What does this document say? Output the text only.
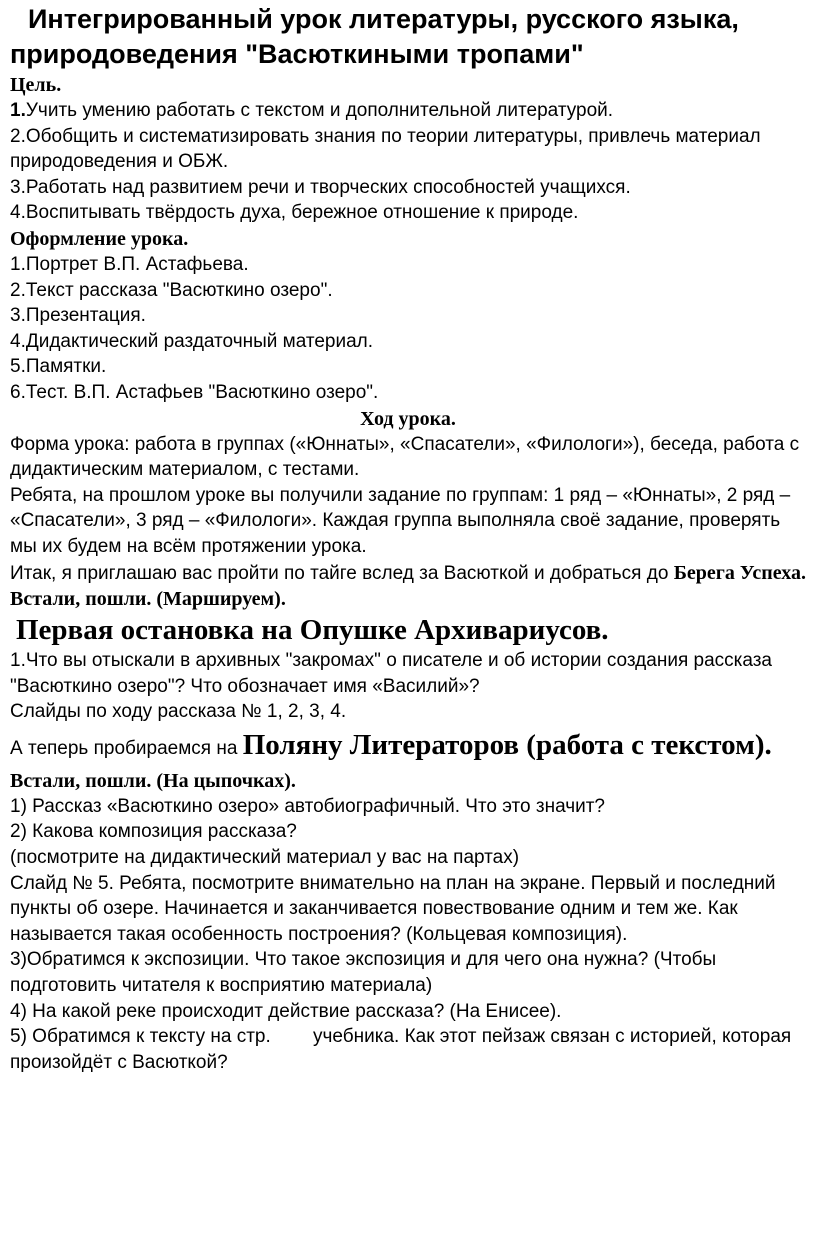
Интегрированный урок литературы, русского языка, природоведения "Васюткиными тропами"

Цель.

1.Учить умению работать с текстом и дополнительной литературой.

2.Обобщить и систематизировать знания по теории литературы, привлечь материал природоведения и ОБЖ.

3.Работать над развитием речи и творческих способностей учащихся.

4.Воспитывать твёрдость духа, бережное отношение к природе.

Оформление урока.

1.Портрет В.П. Астафьева.

2.Текст рассказа "Васюткино озеро".

3.Презентация.

4.Дидактический раздаточный материал.

5.Памятки.

6.Тест. В.П. Астафьев "Васюткино озеро".

Ход урока.

Форма урока: работа в группах («Юннаты», «Спасатели», «Филологи»), беседа, работа с дидактическим материалом, с тестами.

Ребята, на прошлом уроке вы получили задание по группам: 1 ряд – «Юннаты», 2 ряд – «Спасатели», 3 ряд – «Филологи». Каждая группа выполняла своё задание, проверять мы их будем на всём протяжении урока.

Итак, я приглашаю вас пройти по тайге вслед за Васюткой и добраться до Берега Успеха.

Встали, пошли. (Маршируем).

Первая остановка на Опушке Архивариусов.

1.Что вы отыскали в архивных "закромах" о писателе и об истории создания рассказа "Васюткино озеро"? Что обозначает имя «Василий»?

Слайды по ходу рассказа № 1, 2, 3, 4.

А теперь пробираемся на Поляну Литераторов (работа с текстом).

Встали, пошли. (На цыпочках).

1) Рассказ «Васюткино озеро» автобиографичный. Что это значит?

2) Какова композиция рассказа?

(посмотрите на дидактический материал у вас на партах)

Слайд № 5. Ребята, посмотрите внимательно на план на экране. Первый и последний пункты об озере. Начинается и заканчивается повествование одним и тем же. Как называется такая особенность построения? (Кольцевая композиция).

3)Обратимся к экспозиции. Что такое экспозиция и для чего она нужна? (Чтобы подготовить читателя к восприятию материала)

4) На какой реке происходит действие рассказа? (На Енисее).

5) Обратимся к тексту на стр.        учебника. Как этот пейзаж связан с историей, которая произойдёт с Васюткой?
